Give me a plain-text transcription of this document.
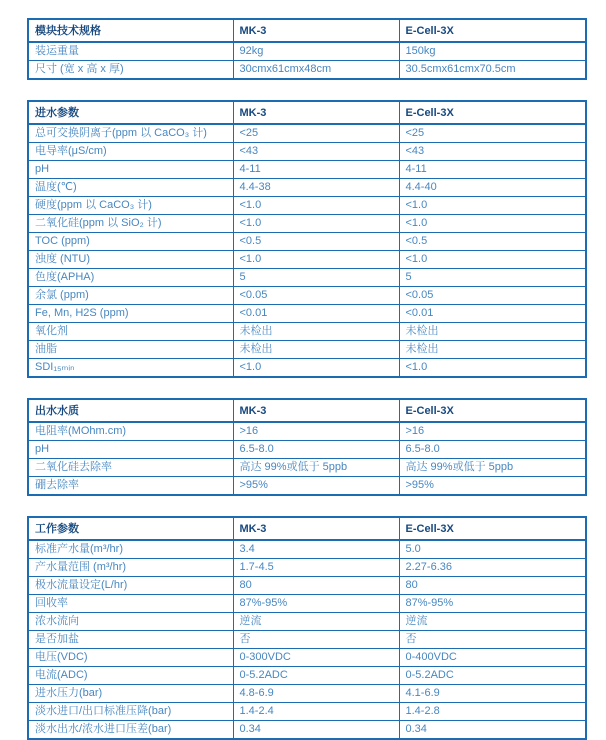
模块技术规格	MK-3	E-Cell-3X
装运重量	92kg	150kg
尺寸 (宽 x 高 x 厚)	30cmx61cmx48cm	30.5cmx61cmx70.5cm
进水参数	MK-3	E-Cell-3X
总可交换阴离子(ppm 以 CaCO₃ 计)	<25	<25
电导率(μS/cm)	<43	<43
pH	4-11	4-11
温度(℃)	4.4-38	4.4-40
硬度(ppm 以 CaCO₃ 计)	<1.0	<1.0
二氧化硅(ppm 以 SiO₂ 计)	<1.0	<1.0
TOC (ppm)	<0.5	<0.5
浊度 (NTU)	<1.0	<1.0
色度(APHA)	5	5
余氯 (ppm)	<0.05	<0.05
Fe, Mn, H2S (ppm)	<0.01	<0.01
氧化剂	未检出	未检出
油脂	未检出	未检出
SDI₁₅ₘᵢₙ	<1.0	<1.0
出水水质	MK-3	E-Cell-3X
电阻率(MOhm.cm)	>16	>16
pH	6.5-8.0	6.5-8.0
二氧化硅去除率	高达 99%或低于 5ppb	高达 99%或低于 5ppb
硼去除率	>95%	>95%
工作参数	MK-3	E-Cell-3X
标准产水量(m³/hr)	3.4	5.0
产水量范围 (m³/hr)	1.7-4.5	2.27-6.36
极水流量设定(L/hr)	80	80
回收率	87%-95%	87%-95%
浓水流向	逆流	逆流
是否加盐	否	否
电压(VDC)	0-300VDC	0-400VDC
电流(ADC)	0-5.2ADC	0-5.2ADC
进水压力(bar)	4.8-6.9	4.1-6.9
淡水进口/出口标准压降(bar)	1.4-2.4	1.4-2.8
淡水出水/浓水进口压差(bar)	0.34	0.34
